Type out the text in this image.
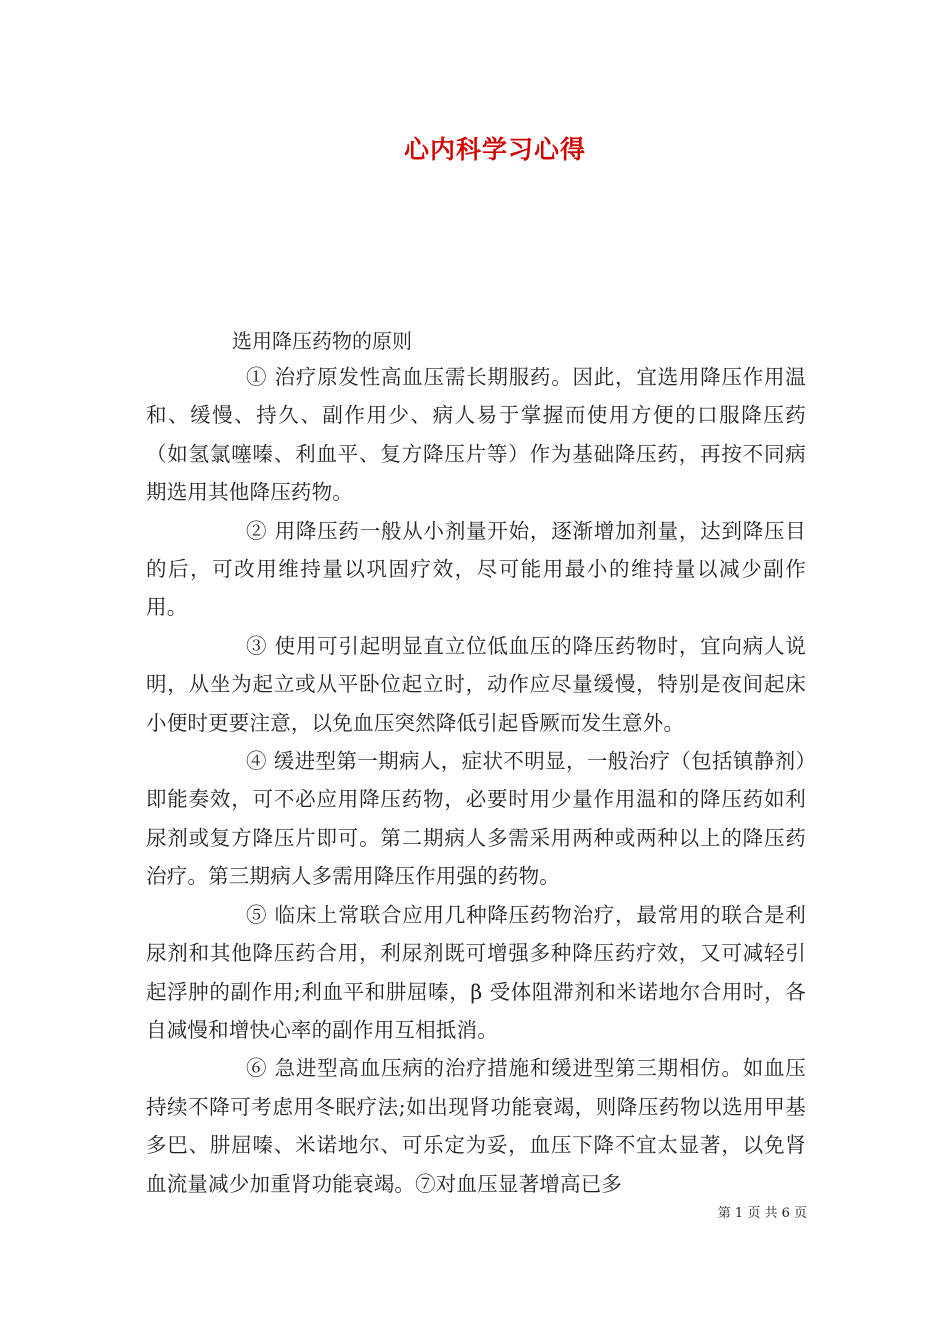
心内科学习心得
选用降压药物的原则

① 治疗原发性高血压需长期服药。因此，宜选用降压作用温和、缓慢、持久、副作用少、病人易于掌握而使用方便的口服降压药（如氢氯噻嗪、利血平、复方降压片等）作为基础降压药，再按不同病期选用其他降压药物。

② 用降压药一般从小剂量开始，逐渐增加剂量，达到降压目的后，可改用维持量以巩固疗效，尽可能用最小的维持量以减少副作用。

③ 使用可引起明显直立位低血压的降压药物时，宜向病人说明，从坐为起立或从平卧位起立时，动作应尽量缓慢，特别是夜间起床小便时更要注意，以免血压突然降低引起昏厥而发生意外。

④ 缓进型第一期病人，症状不明显，一般治疗（包括镇静剂）即能奏效，可不必应用降压药物，必要时用少量作用温和的降压药如利尿剂或复方降压片即可。第二期病人多需采用两种或两种以上的降压药治疗。第三期病人多需用降压作用强的药物。

⑤ 临床上常联合应用几种降压药物治疗，最常用的联合是利尿剂和其他降压药合用，利尿剂既可增强多种降压药疗效，又可减轻引起浮肿的副作用;利血平和肼屈嗪，β 受体阻滞剂和米诺地尔合用时，各自减慢和增快心率的副作用互相抵消。

⑥ 急进型高血压病的治疗措施和缓进型第三期相仿。如血压持续不降可考虑用冬眠疗法;如出现肾功能衰竭，则降压药物以选用甲基多巴、肼屈嗪、米诺地尔、可乐定为妥，血压下降不宜太显著，以免肾血流量减少加重肾功能衰竭。⑦对血压显著增高已多

第 1 页 共 6 页
